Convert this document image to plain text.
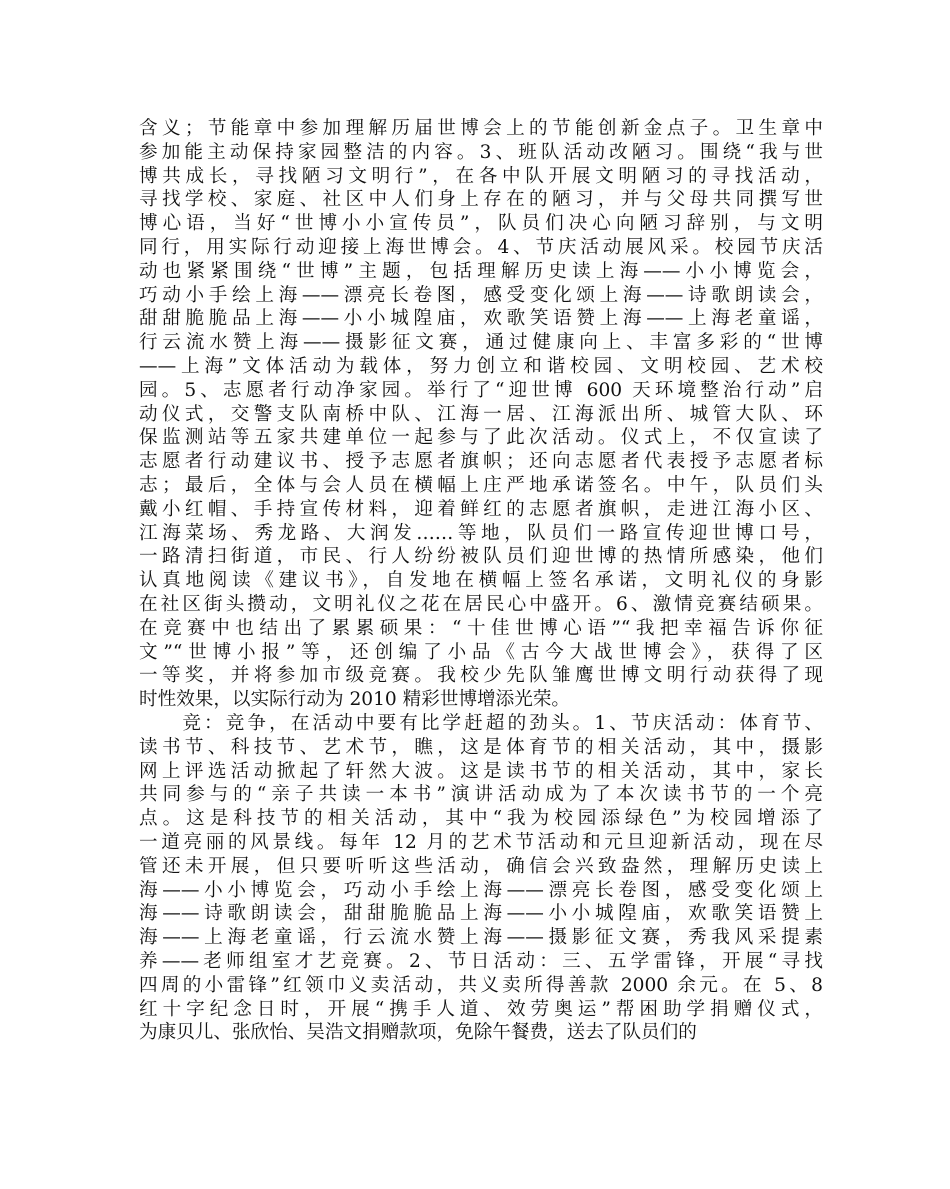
含义；节能章中参加理解历届世博会上的节能创新金点子。卫生章中
参加能主动保持家园整洁的内容。3、班队活动改陋习。围绕“我与世
博共成长，寻找陋习文明行”，在各中队开展文明陋习的寻找活动，
寻找学校、家庭、社区中人们身上存在的陋习，并与父母共同撰写世
博心语，当好“世博小小宣传员”，队员们决心向陋习辞别，与文明
同行，用实际行动迎接上海世博会。4、节庆活动展风采。校园节庆活
动也紧紧围绕“世博”主题，包括理解历史读上海——小小博览会，
巧动小手绘上海——漂亮长卷图，感受变化颂上海——诗歌朗读会，
甜甜脆脆品上海——小小城隍庙，欢歌笑语赞上海——上海老童谣，
行云流水赞上海——摄影征文赛，通过健康向上、丰富多彩的“世博
——上海”文体活动为载体，努力创立和谐校园、文明校园、艺术校
园。5、志愿者行动净家园。举行了“迎世博 600 天环境整治行动”启
动仪式，交警支队南桥中队、江海一居、江海派出所、城管大队、环
保监测站等五家共建单位一起参与了此次活动。仪式上，不仅宣读了
志愿者行动建议书、授予志愿者旗帜；还向志愿者代表授予志愿者标
志；最后，全体与会人员在横幅上庄严地承诺签名。中午，队员们头
戴小红帽、手持宣传材料，迎着鲜红的志愿者旗帜，走进江海小区、
江海菜场、秀龙路、大润发……等地，队员们一路宣传迎世博口号，
一路清扫街道，市民、行人纷纷被队员们迎世博的热情所感染，他们
认真地阅读《建议书》，自发地在横幅上签名承诺，文明礼仪的身影
在社区街头攒动，文明礼仪之花在居民心中盛开。6、激情竞赛结硕果。
在竞赛中也结出了累累硕果：“十佳世博心语”“我把幸福告诉你征
文”“世博小报”等，还创编了小品《古今大战世博会》，获得了区
一等奖，并将参加市级竞赛。我校少先队雏鹰世博文明行动获得了现
时性效果，以实际行动为 2010 精彩世博增添光荣。
　　竞：竞争，在活动中要有比学赶超的劲头。1、节庆活动：体育节、
读书节、科技节、艺术节，瞧，这是体育节的相关活动，其中，摄影
网上评选活动掀起了轩然大波。这是读书节的相关活动，其中，家长
共同参与的“亲子共读一本书”演讲活动成为了本次读书节的一个亮
点。这是科技节的相关活动，其中“我为校园添绿色”为校园增添了
一道亮丽的风景线。每年 12 月的艺术节活动和元旦迎新活动，现在尽
管还未开展，但只要听听这些活动，确信会兴致盎然，理解历史读上
海——小小博览会，巧动小手绘上海——漂亮长卷图，感受变化颂上
海——诗歌朗读会，甜甜脆脆品上海——小小城隍庙，欢歌笑语赞上
海——上海老童谣，行云流水赞上海——摄影征文赛，秀我风采提素
养——老师组室才艺竞赛。2、节日活动：三、五学雷锋，开展“寻找
四周的小雷锋”红领巾义卖活动，共义卖所得善款 2000 余元。在 5、8
红十字纪念日时，开展“携手人道、效劳奥运”帮困助学捐赠仪式，
为康贝儿、张欣怡、吴浩文捐赠款项，免除午餐费，送去了队员们的
